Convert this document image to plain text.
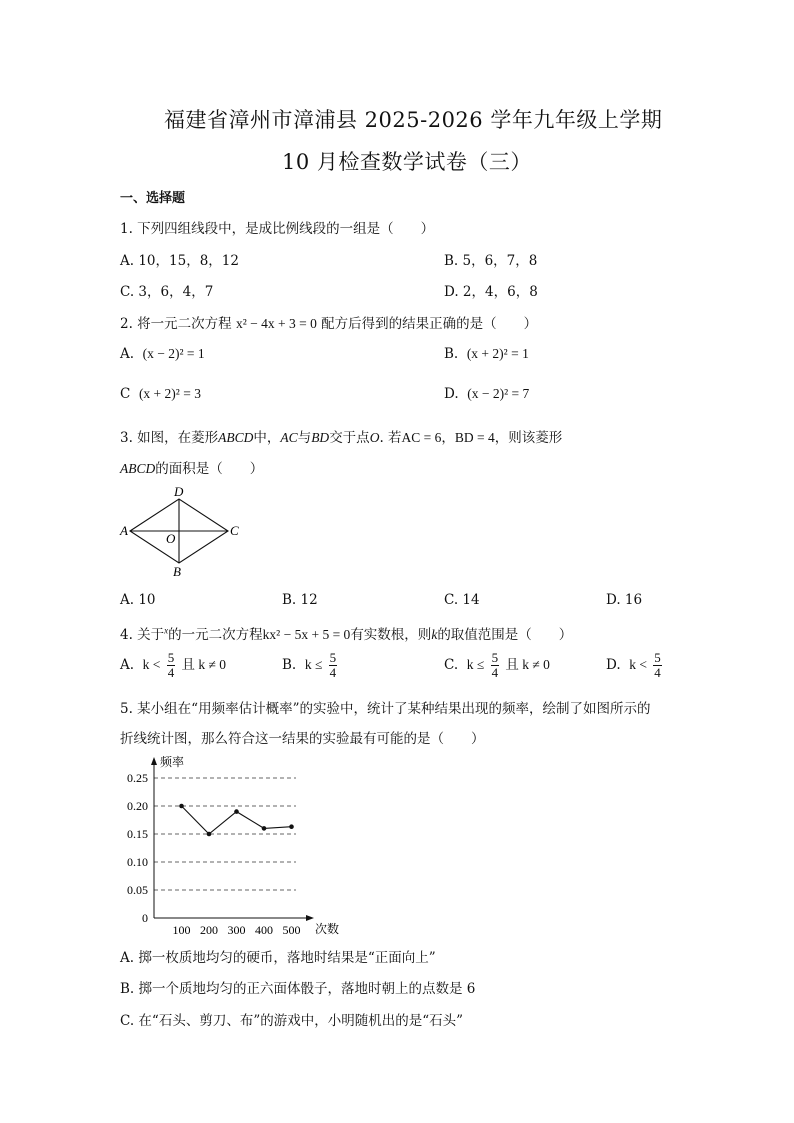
福建省漳州市漳浦县 2025-2026 学年九年级上学期
10 月检查数学试卷（三）
一、选择题
1. 下列四组线段中，是成比例线段的一组是（　　）
A. 10，15，8，12	B. 5，6，7，8
C. 3，6，4，7	D. 2，4，6，8
2. 将一元二次方程 x² − 4x + 3 = 0 配方后得到的结果正确的是（　　）
A. (x − 2)² = 1	B. (x + 2)² = 1
C (x + 2)² = 3	D. (x − 2)² = 7
3. 如图，在菱形ABCD中，AC与BD交于点O. 若AC = 6，BD = 4，则该菱形
ABCD的面积是（　　）
A
D
C
B
O
A. 10	B. 12	C. 14	D. 16
4. 关于$^x$的一元二次方程kx² − 5x + 5 = 0有实数根，则k的取值范围是（　　）
A. $k < \frac{5}{4}$ 且 k ≠ 0	B. $k \le \frac{5}{4}$	C. $k \le \frac{5}{4}$ 且 k ≠ 0	D. $k < \frac{5}{4}$
5. 某小组在“用频率估计概率”的实验中，统计了某种结果出现的频率，绘制了如图所示的
折线统计图，那么符合这一结果的实验最有可能的是（　　）
0
0.05
0.10
0.15
0.20
0.25
频率
次数
100 200 300 400 500
A. 掷一枚质地均匀的硬币，落地时结果是“正面向上”
B. 掷一个质地均匀的正六面体骰子，落地时朝上的点数是 6
C. 在“石头、剪刀、布”的游戏中，小明随机出的是“石头”
